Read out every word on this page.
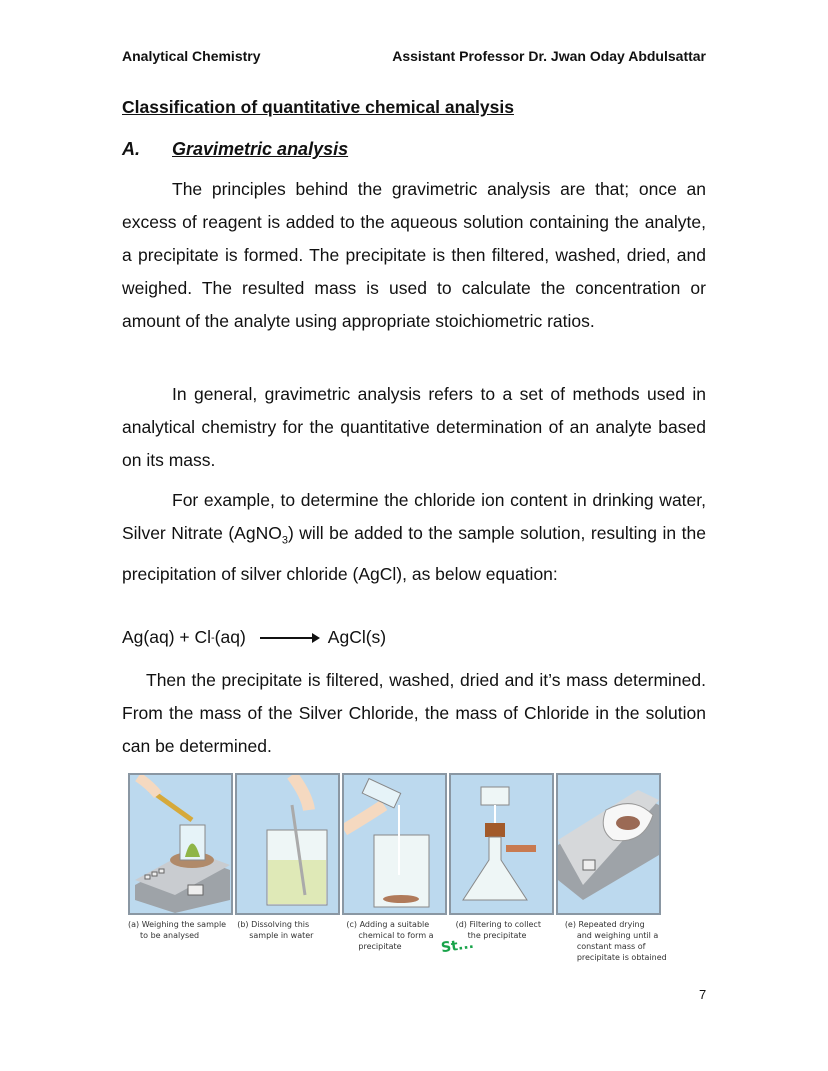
Analytical Chemistry	Assistant Professor Dr. Jwan Oday Abdulsattar
Classification of quantitative chemical analysis
A. Gravimetric analysis
The principles behind the gravimetric analysis are that; once an excess of reagent is added to the aqueous solution containing the analyte, a precipitate is formed. The precipitate is then filtered, washed, dried, and weighed. The resulted mass is used to calculate the concentration or amount of the analyte using appropriate stoichiometric ratios.
In general, gravimetric analysis refers to a set of methods used in analytical chemistry for the quantitative determination of an analyte based on its mass.
For example, to determine the chloride ion content in drinking water, Silver Nitrate (AgNO$_3$) will be added to the sample solution, resulting in the precipitation of silver chloride (AgCl), as below equation:
Ag(aq) + Cl - (aq) → AgCl(s)
Then the precipitate is filtered, washed, dried and it’s mass determined. From the mass of the Silver Chloride, the mass of Chloride in the solution can be determined.
(a) Weighing the sample
to be analysed
(b) Dissolving this
sample in water
(c) Adding a suitable
chemical to form a precipitate
(d) Filtering to collect
the precipitate
(e) Repeated drying
and weighing until a constant mass of precipitate is obtained
St...
7
